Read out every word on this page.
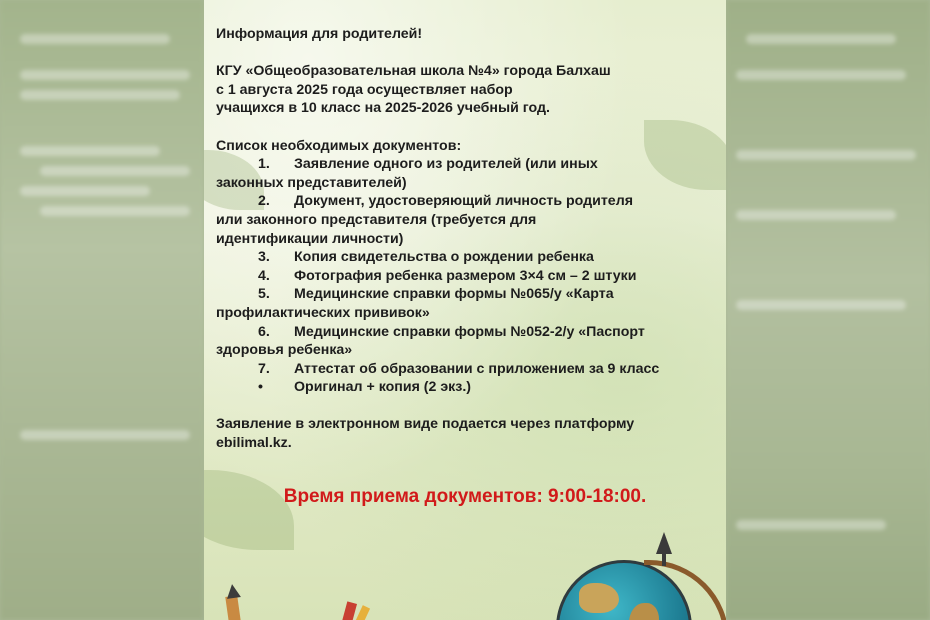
Информация для родителей!

КГУ «Общеобразовательная школа №4» города Балхаш

с 1 августа 2025 года осуществляет набор

учащихся в 10 класс на 2025-2026 учебный год.

Список необходимых документов:

1. Заявление одного из родителей (или иных

законных представителей)

2. Документ, удостоверяющий личность родителя

или законного представителя (требуется для

идентификации личности)

3. Копия свидетельства о рождении ребенка

4. Фотография ребенка размером 3×4 см – 2 штуки

5. Медицинские справки формы №065/у «Карта

профилактических прививок»

6. Медицинские справки формы №052-2/у «Паспорт

здоровья ребенка»

7. Аттестат об образовании с приложением за 9 класс

• Оригинал + копия (2 экз.)

Заявление в электронном виде подается через платформу

ebilimal.kz.

Время приема документов: 9:00-18:00.
